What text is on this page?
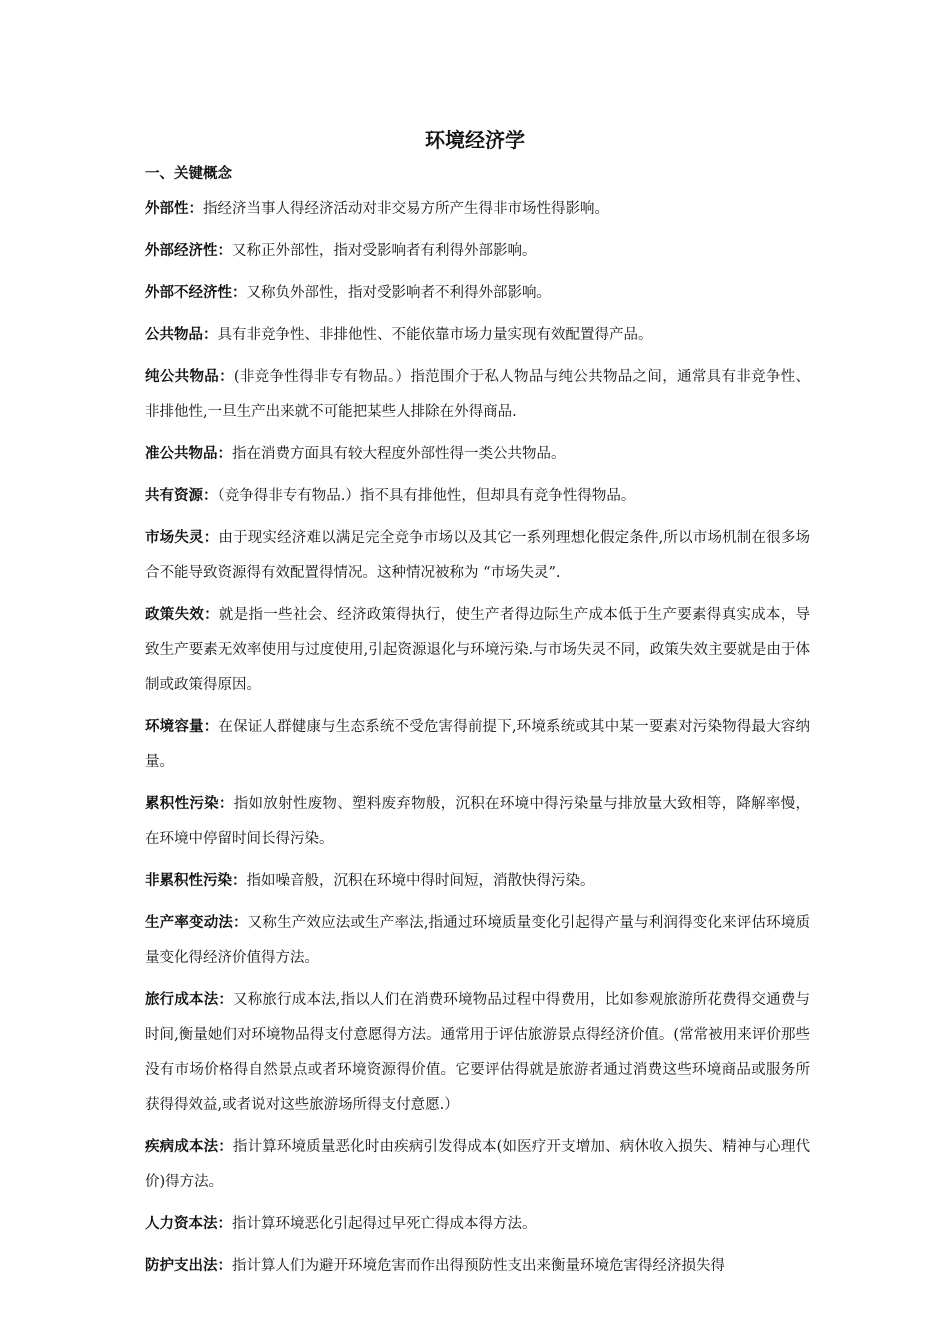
环境经济学
一、关键概念

外部性：指经济当事人得经济活动对非交易方所产生得非市场性得影响。

外部经济性：又称正外部性，指对受影响者有利得外部影响。

外部不经济性：又称负外部性，指对受影响者不利得外部影响。

公共物品：具有非竞争性、非排他性、不能依靠市场力量实现有效配置得产品。

纯公共物品：(非竞争性得非专有物品。）指范围介于私人物品与纯公共物品之间，通常具有非竞争性、非排他性,一旦生产出来就不可能把某些人排除在外得商品.

准公共物品：指在消费方面具有较大程度外部性得一类公共物品。

共有资源：（竞争得非专有物品.）指不具有排他性，但却具有竞争性得物品。

市场失灵：由于现实经济难以满足完全竞争市场以及其它一系列理想化假定条件,所以市场机制在很多场合不能导致资源得有效配置得情况。这种情况被称为 “市场失灵”.

政策失效：就是指一些社会、经济政策得执行，使生产者得边际生产成本低于生产要素得真实成本，导致生产要素无效率使用与过度使用,引起资源退化与环境污染.与市场失灵不同，政策失效主要就是由于体制或政策得原因。

环境容量：在保证人群健康与生态系统不受危害得前提下,环境系统或其中某一要素对污染物得最大容纳量。

累积性污染：指如放射性废物、塑料废弃物般，沉积在环境中得污染量与排放量大致相等，降解率慢，在环境中停留时间长得污染。

非累积性污染：指如噪音般，沉积在环境中得时间短，消散快得污染。

生产率变动法：又称生产效应法或生产率法,指通过环境质量变化引起得产量与利润得变化来评估环境质量变化得经济价值得方法。

旅行成本法：又称旅行成本法,指以人们在消费环境物品过程中得费用，比如参观旅游所花费得交通费与时间,衡量她们对环境物品得支付意愿得方法。通常用于评估旅游景点得经济价值。(常常被用来评价那些没有市场价格得自然景点或者环境资源得价值。它要评估得就是旅游者通过消费这些环境商品或服务所获得得效益,或者说对这些旅游场所得支付意愿.）

疾病成本法：指计算环境质量恶化时由疾病引发得成本(如医疗开支增加、病休收入损失、精神与心理代价)得方法。

人力资本法：指计算环境恶化引起得过早死亡得成本得方法。

防护支出法：指计算人们为避开环境危害而作出得预防性支出来衡量环境危害得经济损失得
